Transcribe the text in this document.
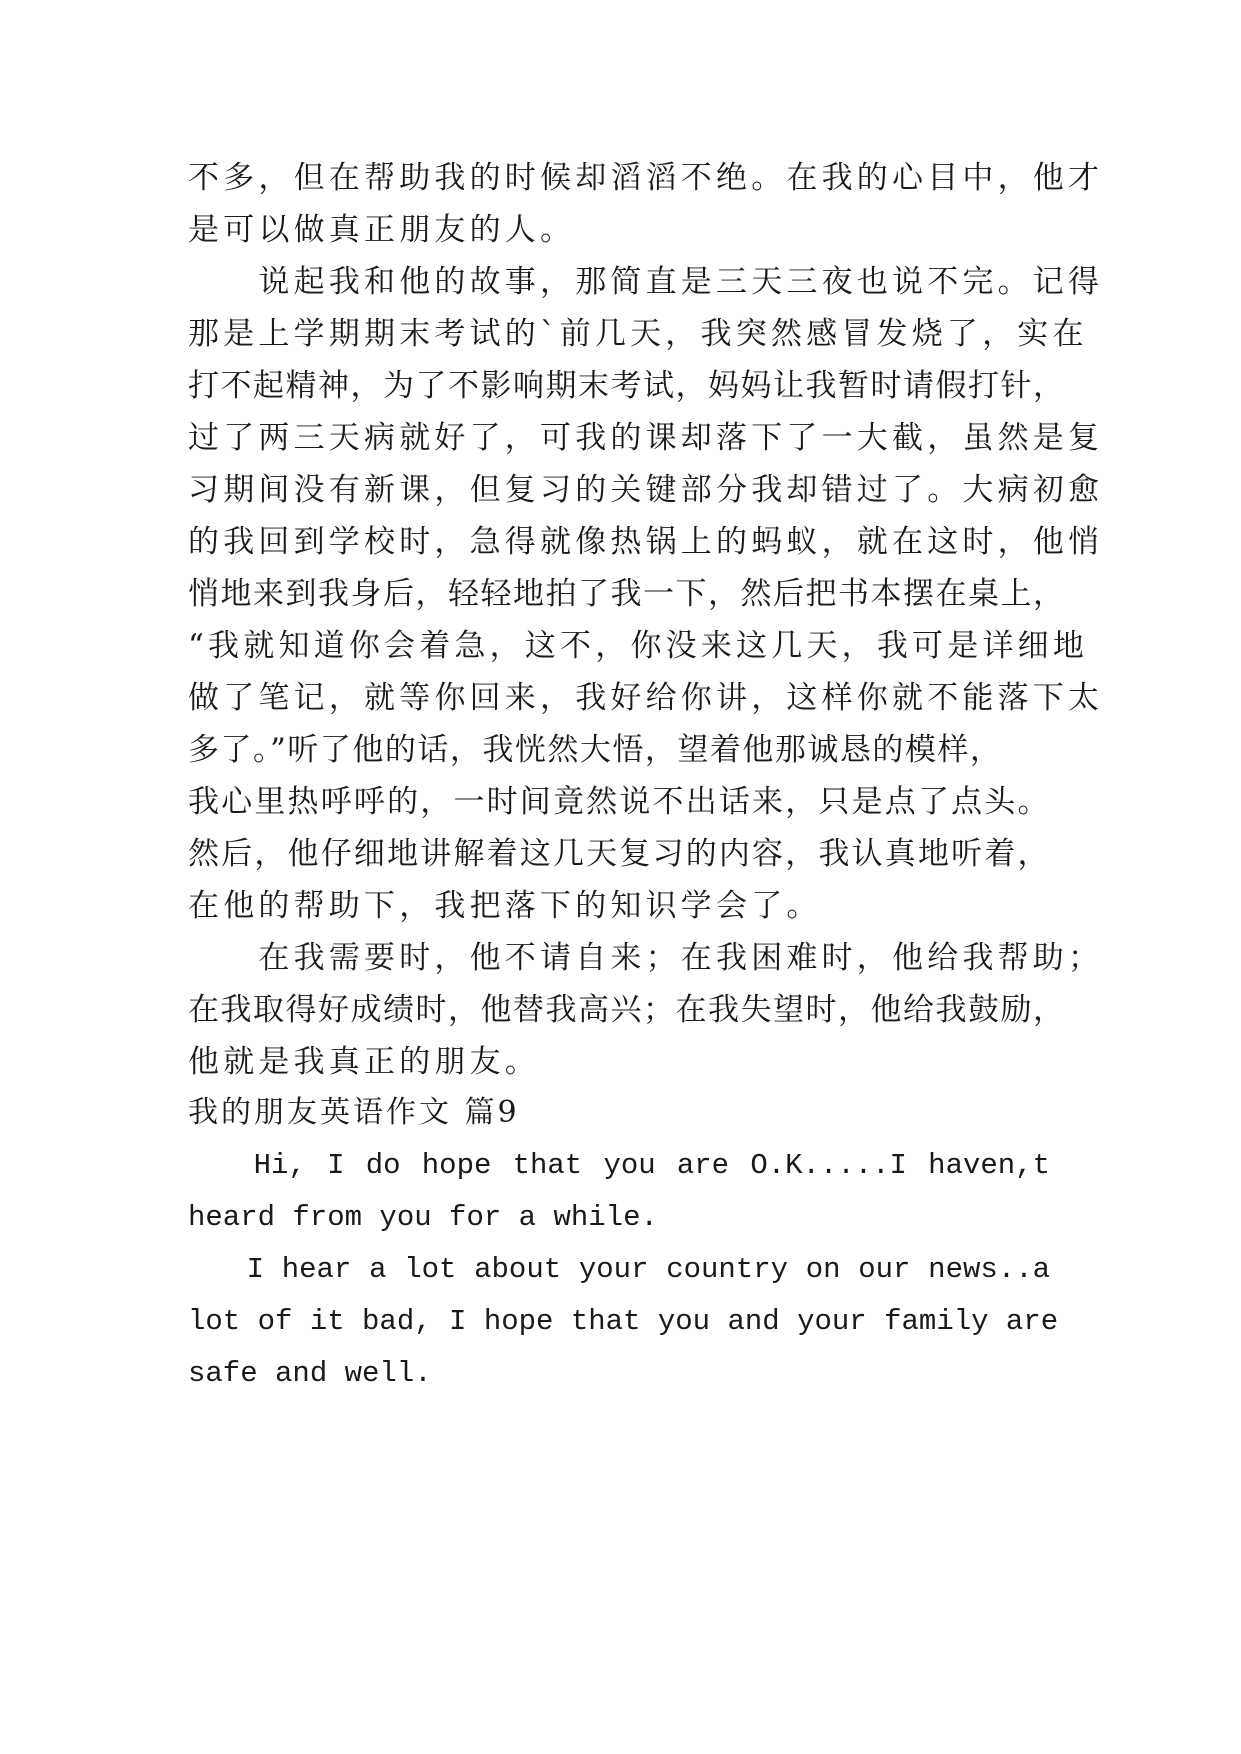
不多，但在帮助我的时候却滔滔不绝。在我的心目中，他才
是可以做真正朋友的人。
　　说起我和他的故事，那简直是三天三夜也说不完。记得
那是上学期期末考试的`前几天，我突然感冒发烧了，实在
打不起精神，为了不影响期末考试，妈妈让我暂时请假打针，
过了两三天病就好了，可我的课却落下了一大截，虽然是复
习期间没有新课，但复习的关键部分我却错过了。大病初愈
的我回到学校时，急得就像热锅上的蚂蚁，就在这时，他悄
悄地来到我身后，轻轻地拍了我一下，然后把书本摆在桌上，
“我就知道你会着急，这不，你没来这几天，我可是详细地
做了笔记，就等你回来，我好给你讲，这样你就不能落下太
多了。”听了他的话，我恍然大悟，望着他那诚恳的模样，
我心里热呼呼的，一时间竟然说不出话来，只是点了点头。
然后，他仔细地讲解着这几天复习的内容，我认真地听着，
在他的帮助下，我把落下的知识学会了。
　　在我需要时，他不请自来；在我困难时，他给我帮助；
在我取得好成绩时，他替我高兴；在我失望时，他给我鼓励，
他就是我真正的朋友。
我的朋友英语作文 篇9
　　Hi, I do hope that you are O.K.....I haven,t
heard from you for a while.
　　I hear a lot about your country on our news..a
lot of it bad, I hope that you and your family are
safe and well.
